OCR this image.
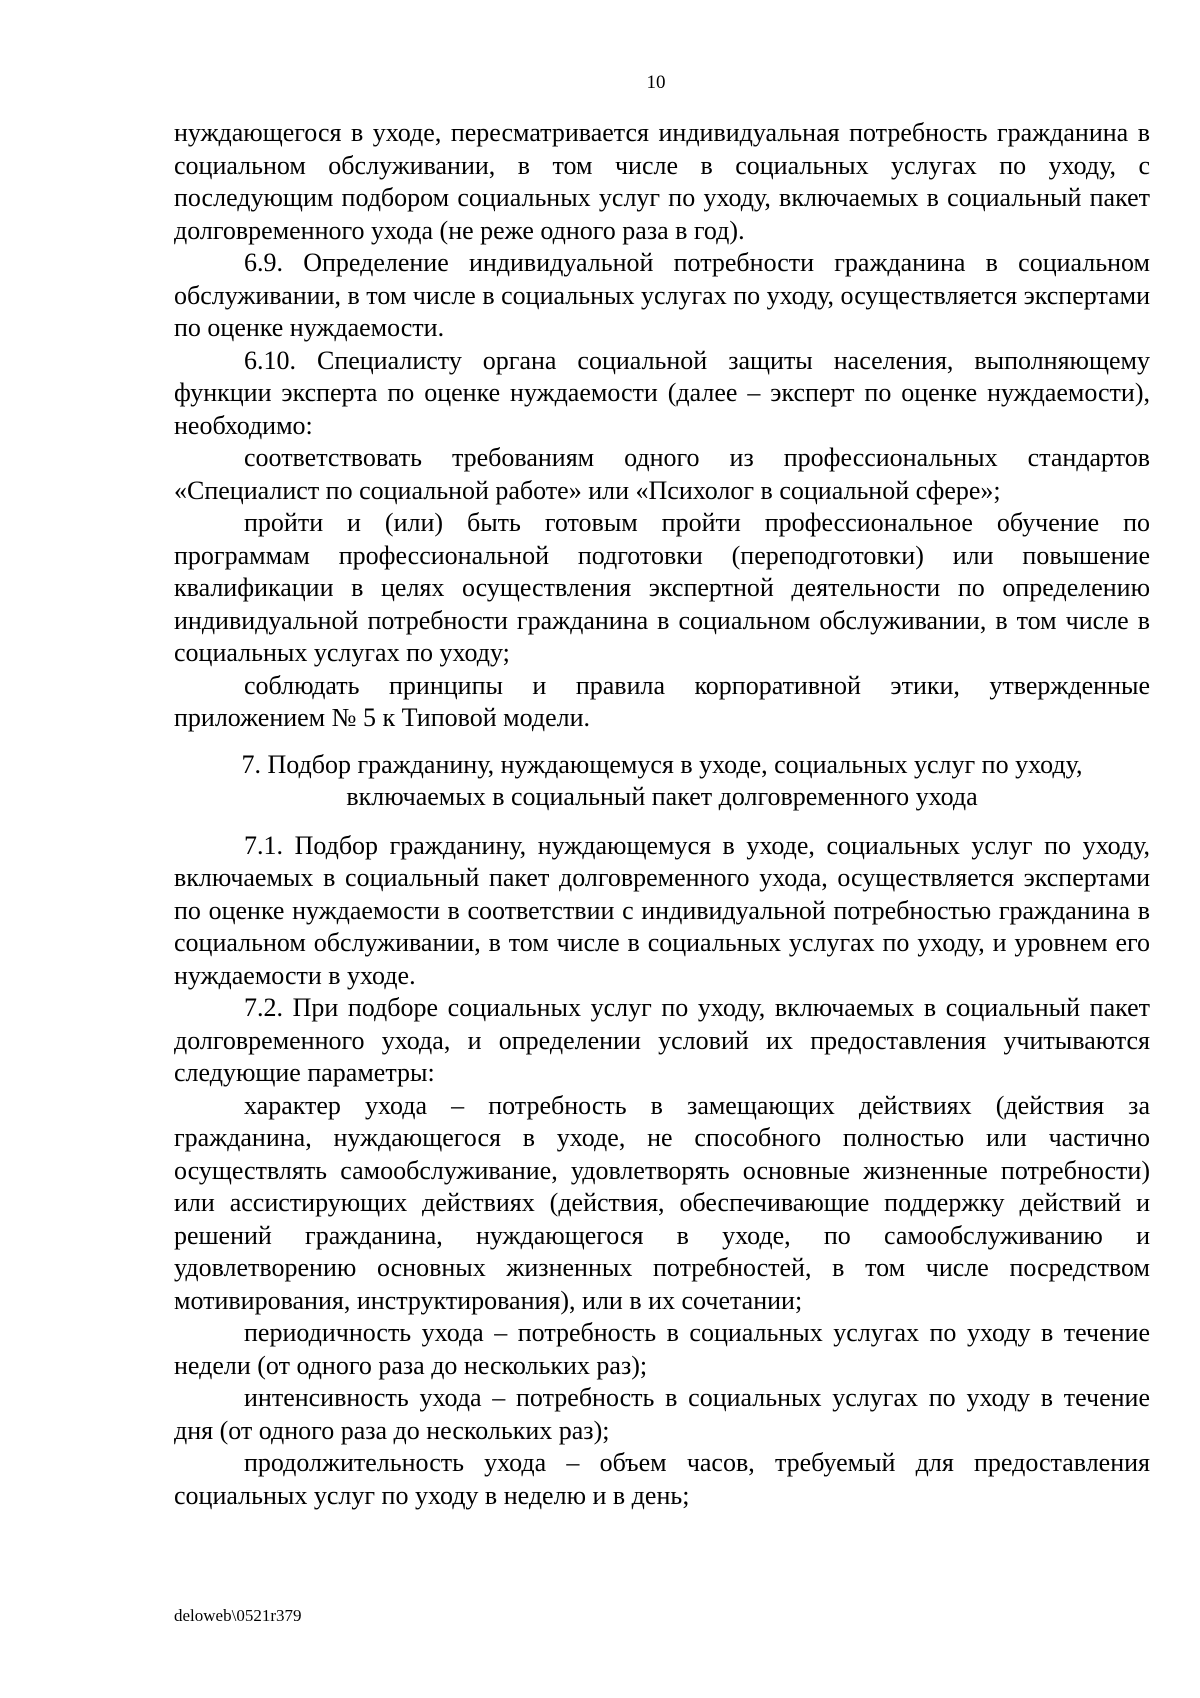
10

нуждающегося в уходе, пересматривается индивидуальная потребность гражданина в социальном обслуживании, в том числе в социальных услугах по уходу, с последующим подбором социальных услуг по уходу, включаемых в социальный пакет долговременного ухода (не реже одного раза в год).

6.9. Определение индивидуальной потребности гражданина в социальном обслуживании, в том числе в социальных услугах по уходу, осуществляется экспертами по оценке нуждаемости.

6.10. Специалисту органа социальной защиты населения, выполняющему функции эксперта по оценке нуждаемости (далее – эксперт по оценке нуждаемости), необходимо:

соответствовать требованиям одного из профессиональных стандартов «Специалист по социальной работе» или «Психолог в социальной сфере»;

пройти и (или) быть готовым пройти профессиональное обучение по программам профессиональной подготовки (переподготовки) или повышение квалификации в целях осуществления экспертной деятельности по определению индивидуальной потребности гражданина в социальном обслуживании, в том числе в социальных услугах по уходу;

соблюдать принципы и правила корпоративной этики, утвержденные приложением № 5 к Типовой модели.

7. Подбор гражданину, нуждающемуся в уходе, социальных услуг по уходу, включаемых в социальный пакет долговременного ухода

7.1. Подбор гражданину, нуждающемуся в уходе, социальных услуг по уходу, включаемых в социальный пакет долговременного ухода, осуществляется экспертами по оценке нуждаемости в соответствии с индивидуальной потребностью гражданина в социальном обслуживании, в том числе в социальных услугах по уходу, и уровнем его нуждаемости в уходе.

7.2. При подборе социальных услуг по уходу, включаемых в социальный пакет долговременного ухода, и определении условий их предоставления учитываются следующие параметры:

характер ухода – потребность в замещающих действиях (действия за гражданина, нуждающегося в уходе, не способного полностью или частично осуществлять самообслуживание, удовлетворять основные жизненные потребности) или ассистирующих действиях (действия, обеспечивающие поддержку действий и решений гражданина, нуждающегося в уходе, по самообслуживанию и удовлетворению основных жизненных потребностей, в том числе посредством мотивирования, инструктирования), или в их сочетании;

периодичность ухода – потребность в социальных услугах по уходу в течение недели (от одного раза до нескольких раз);

интенсивность ухода – потребность в социальных услугах по уходу в течение дня (от одного раза до нескольких раз);

продолжительность ухода – объем часов, требуемый для предоставления социальных услуг по уходу в неделю и в день;

deloweb\0521r379
